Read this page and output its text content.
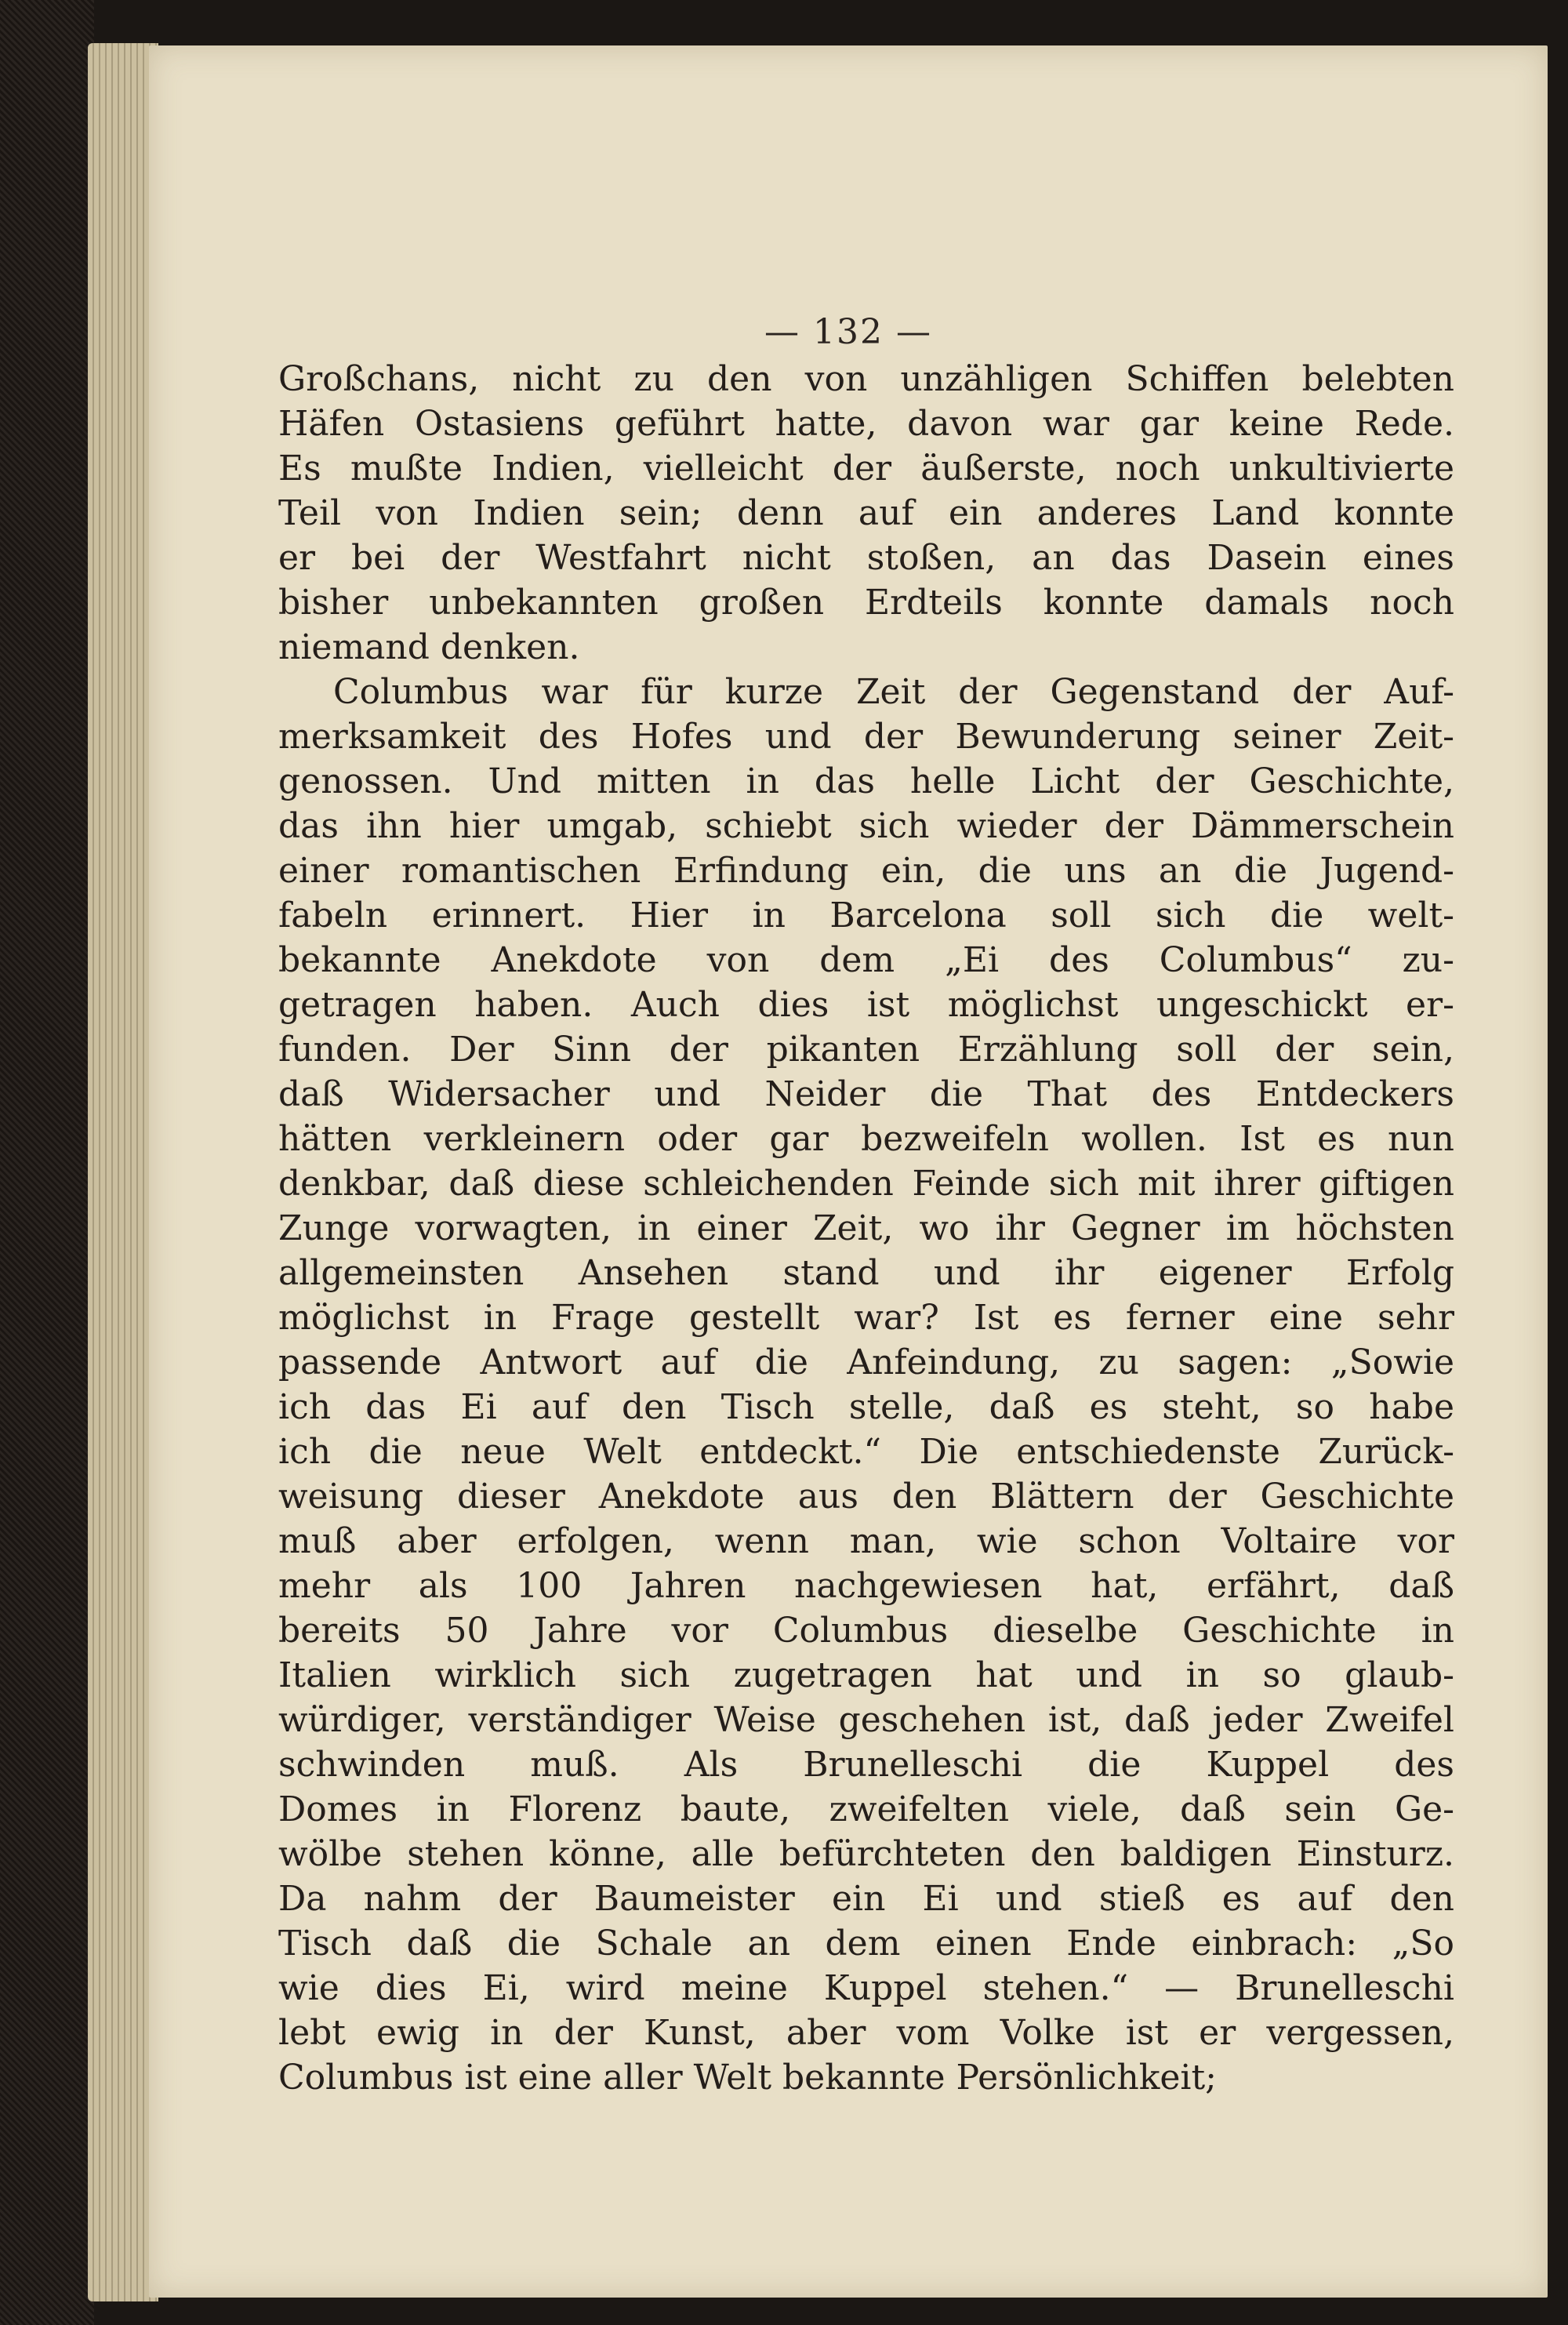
— 132 —
Großchans, nicht zu den von unzähligen Schiffen belebten
Häfen Ostasiens geführt hatte, davon war gar keine Rede.
Es mußte Indien, vielleicht der äußerste, noch unkultivierte
Teil von Indien sein; denn auf ein anderes Land konnte
er bei der Westfahrt nicht stoßen, an das Dasein eines
bisher unbekannten großen Erdteils konnte damals noch
niemand denken.
Columbus war für kurze Zeit der Gegenstand der Auf-
merksamkeit des Hofes und der Bewunderung seiner Zeit-
genossen. Und mitten in das helle Licht der Geschichte,
das ihn hier umgab, schiebt sich wieder der Dämmerschein
einer romantischen Erfindung ein, die uns an die Jugend-
fabeln erinnert. Hier in Barcelona soll sich die welt-
bekannte Anekdote von dem „Ei des Columbus“ zu-
getragen haben. Auch dies ist möglichst ungeschickt er-
funden. Der Sinn der pikanten Erzählung soll der sein,
daß Widersacher und Neider die That des Entdeckers
hätten verkleinern oder gar bezweifeln wollen. Ist es nun
denkbar, daß diese schleichenden Feinde sich mit ihrer giftigen
Zunge vorwagten, in einer Zeit, wo ihr Gegner im höchsten
allgemeinsten Ansehen stand und ihr eigener Erfolg
möglichst in Frage gestellt war? Ist es ferner eine sehr
passende Antwort auf die Anfeindung, zu sagen: „Sowie
ich das Ei auf den Tisch stelle, daß es steht, so habe
ich die neue Welt entdeckt.“ Die entschiedenste Zurück-
weisung dieser Anekdote aus den Blättern der Geschichte
muß aber erfolgen, wenn man, wie schon Voltaire vor
mehr als 100 Jahren nachgewiesen hat, erfährt, daß
bereits 50 Jahre vor Columbus dieselbe Geschichte in
Italien wirklich sich zugetragen hat und in so glaub-
würdiger, verständiger Weise geschehen ist, daß jeder Zweifel
schwinden muß. Als Brunelleschi die Kuppel des
Domes in Florenz baute, zweifelten viele, daß sein Ge-
wölbe stehen könne, alle befürchteten den baldigen Einsturz.
Da nahm der Baumeister ein Ei und stieß es auf den
Tisch daß die Schale an dem einen Ende einbrach: „So
wie dies Ei, wird meine Kuppel stehen.“ — Brunelleschi
lebt ewig in der Kunst, aber vom Volke ist er vergessen,
Columbus ist eine aller Welt bekannte Persönlichkeit;
